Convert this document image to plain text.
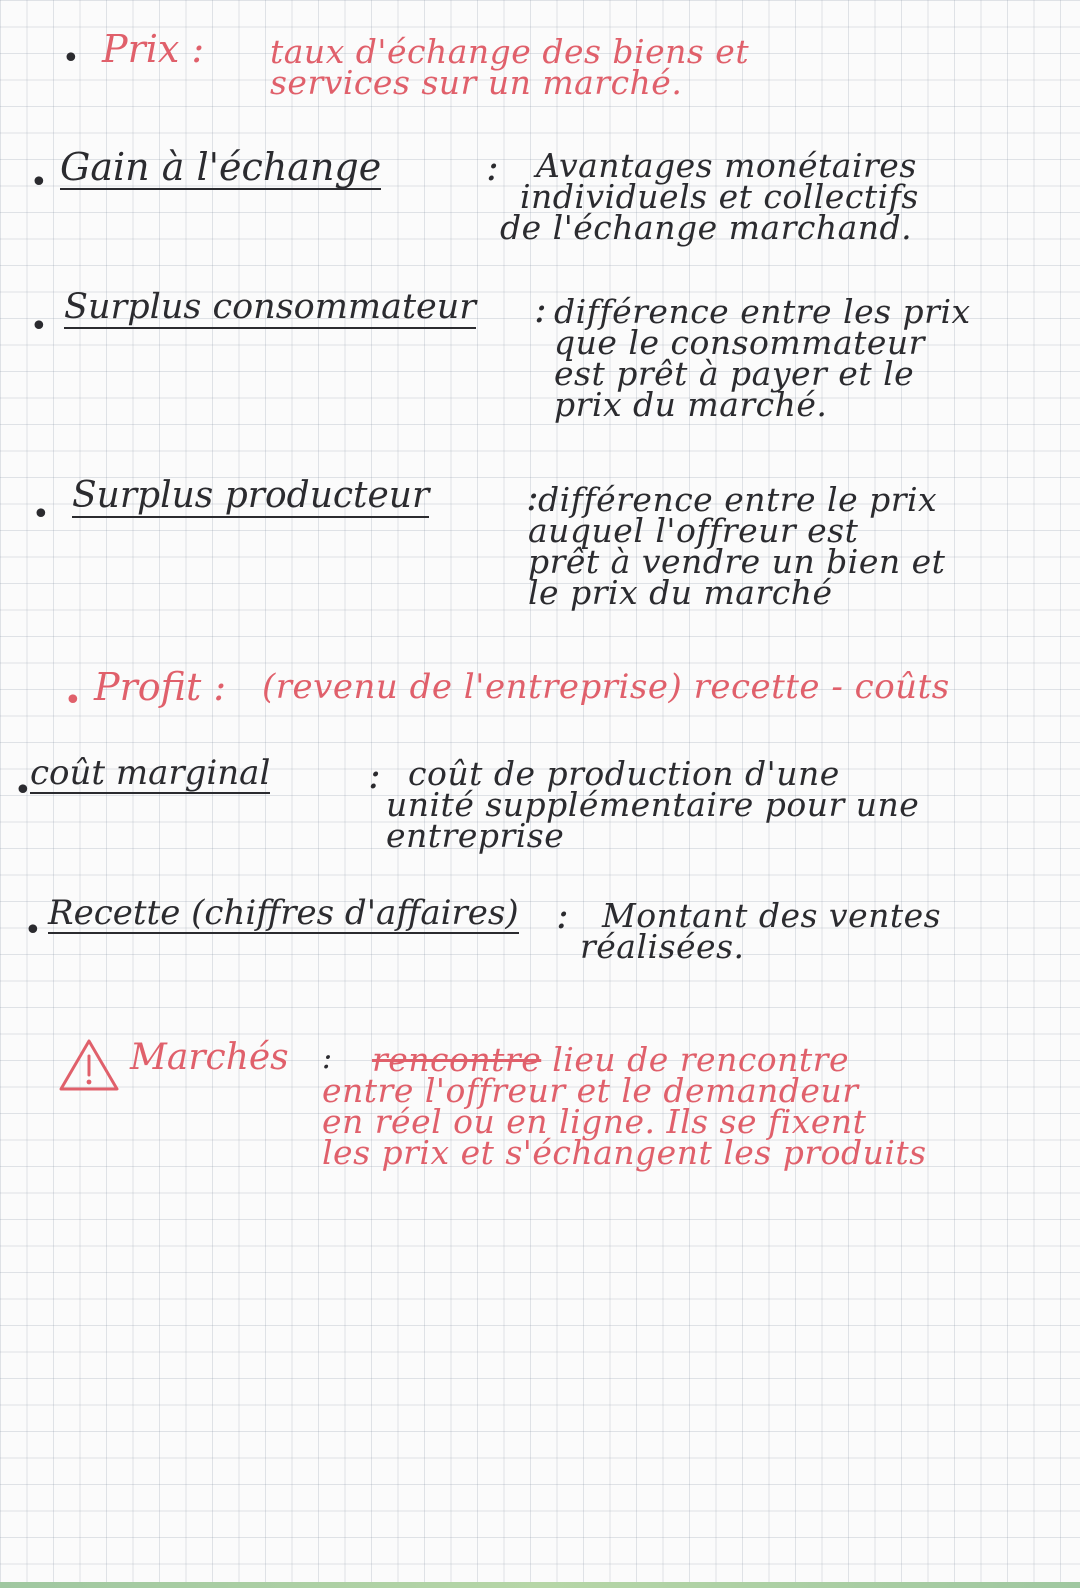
• Prix : taux d'échange des biens et
services sur un marché.
• Gain à l'échange	:	Avantages monétaires
individuels et collectifs
de l'échange marchand.
• Surplus consommateur : différence entre les prix
que le consommateur
est prêt à payer et le
prix du marché.
• Surplus producteur	: différence entre le prix
auquel l'offreur est
prêt à vendre un bien et
le prix du marché
• Profit : (revenu de l'entreprise) recette - coûts
•
coût marginal	: coût de production d'une
unité supplémentaire pour une
entreprise
• Recette (chiffres d'affaires) :	Montant des ventes
réalisées.
Marchés : rencontre lieu de rencontre
entre l'offreur et le demandeur
en réel ou en ligne. Ils se fixent
les prix et s'échangent les produits
